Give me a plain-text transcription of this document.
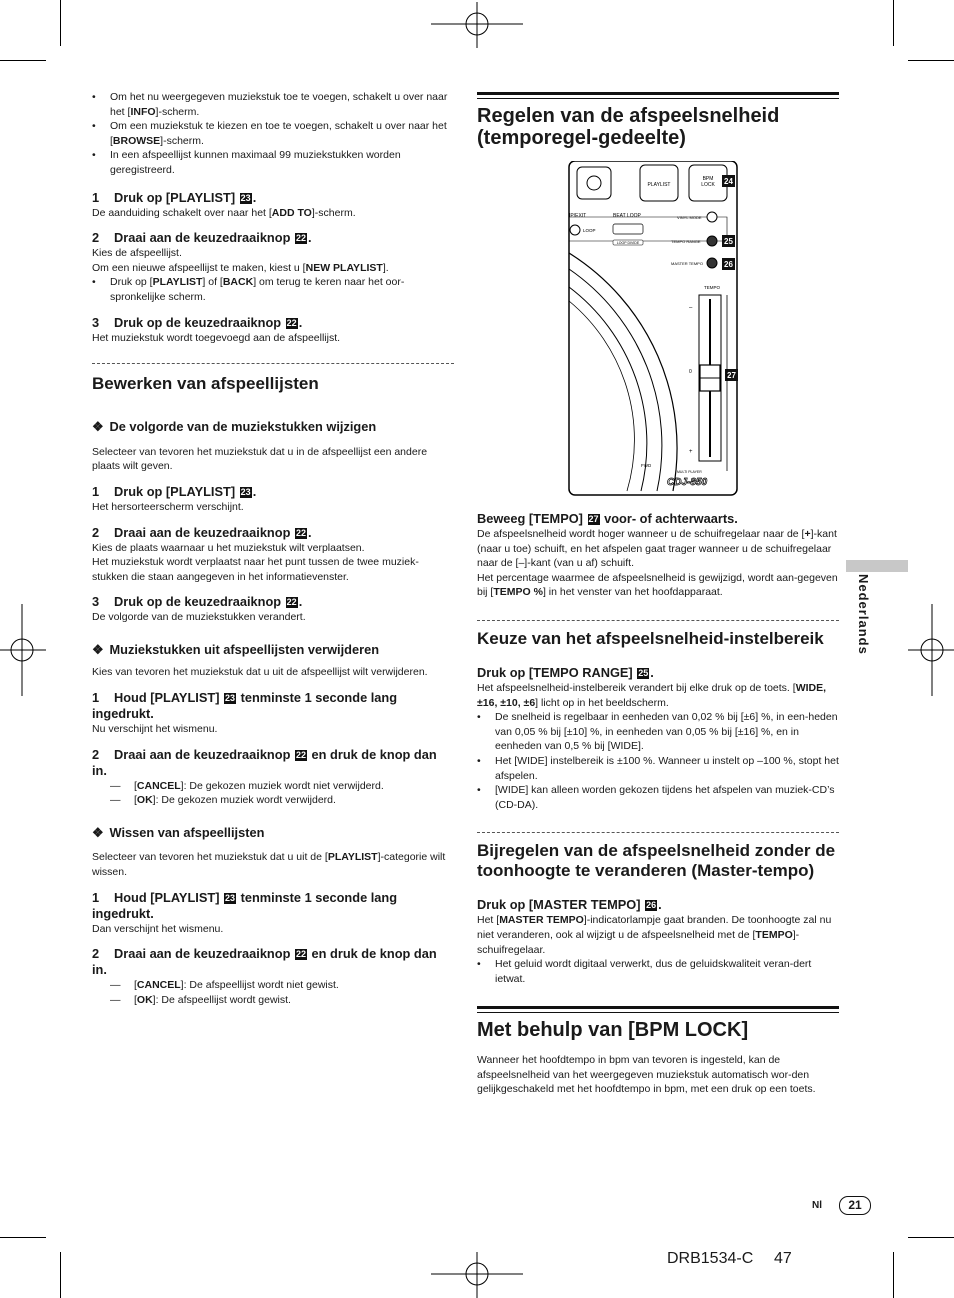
• Om het nu weergegeven muziekstuk toe te voegen, schakelt u over naar het [INFO]-scherm.

• Om een muziekstuk te kiezen en toe te voegen, schakelt u over naar het [BROWSE]-scherm.

• In een afspeellijst kunnen maximaal 99 muziekstukken worden geregistreerd.

1 Druk op [PLAYLIST] 23 .

De aanduiding schakelt over naar het [ADD TO]-scherm.

2 Draai aan de keuzedraaiknop 22 .

Kies de afspeellijst.

Om een nieuwe afspeellijst te maken, kiest u [NEW PLAYLIST].

• Druk op [PLAYLIST] of [BACK] om terug te keren naar het oor-spronkelijke scherm.

3 Druk op de keuzedraaiknop 22 .

Het muziekstuk wordt toegevoegd aan de afspeellijst.

Bewerken van afspeellijsten

❖ De volgorde van de muziekstukken wijzigen

Selecteer van tevoren het muziekstuk dat u in de afspeellijst een andere plaats wilt geven.

1 Druk op [PLAYLIST] 23 .

Het hersorteerscherm verschijnt.

2 Draai aan de keuzedraaiknop 22 .

Kies de plaats waarnaar u het muziekstuk wilt verplaatsen.

Het muziekstuk wordt verplaatst naar het punt tussen de twee muziek-stukken die staan aangegeven in het informatievenster.

3 Druk op de keuzedraaiknop 22 .

De volgorde van de muziekstukken verandert.

❖ Muziekstukken uit afspeellijsten verwijderen

Kies van tevoren het muziekstuk dat u uit de afspeellijst wilt verwijderen.

1 Houd [PLAYLIST] 23 tenminste 1 seconde lang ingedrukt.

Nu verschijnt het wismenu.

2 Draai aan de keuzedraaiknop 22 en druk de knop dan in.

— [CANCEL]: De gekozen muziek wordt niet verwijderd.

— [OK]: De gekozen muziek wordt verwijderd.

❖ Wissen van afspeellijsten

Selecteer van tevoren het muziekstuk dat u uit de [PLAYLIST]-categorie wilt wissen.

1 Houd [PLAYLIST] 23 tenminste 1 seconde lang ingedrukt.

Dan verschijnt het wismenu.

2 Draai aan de keuzedraaiknop 22 en druk de knop dan in.

— [CANCEL]: De afspeellijst wordt niet gewist.

— [OK]: De afspeellijst wordt gewist.

Regelen van de afspeelsnelheid (temporegel-gedeelte)

PLAYLIST
BPM
LOCK
IP/EXIT	BEAT LOOP
LOOP
LOOP DIVIDE
VINYL MODE
TEMPO RANGE
MASTER TEMPO
24
25
26
27
TEMPO
0
–
+
FWD
MULTI PLAYER
CDJ-850

Beweeg [TEMPO] 27 voor- of achterwaarts.

De afspeelsnelheid wordt hoger wanneer u de schuifregelaar naar de [+]-kant (naar u toe) schuift, en het afspelen gaat trager wanneer u de schuifregelaar naar de [–]-kant (van u af) schuift.

Het percentage waarmee de afspeelsnelheid is gewijzigd, wordt aan-gegeven bij [TEMPO %] in het venster van het hoofdapparaat.

Keuze van het afspeelsnelheid-instelbereik

Druk op [TEMPO RANGE] 25 .

Het afspeelsnelheid-instelbereik verandert bij elke druk op de toets. [WIDE, ±16, ±10, ±6] licht op in het beeldscherm.

• De snelheid is regelbaar in eenheden van 0,02 % bij [±6] %, in een-heden van 0,05 % bij [±10] %, in eenheden van 0,05 % bij [±16] %, en in eenheden van 0,5 % bij [WIDE].

• Het [WIDE] instelbereik is ±100 %. Wanneer u instelt op –100 %, stopt het afspelen.

• [WIDE] kan alleen worden gekozen tijdens het afspelen van muziek-CD’s (CD-DA).

Bijregelen van de afspeelsnelheid zonder de toonhoogte te veranderen (Master-tempo)

Druk op [MASTER TEMPO] 26 .

Het [MASTER TEMPO]-indicatorlampje gaat branden. De toonhoogte zal nu niet veranderen, ook al wijzigt u de afspeelsnelheid met de [TEMPO]-schuifregelaar.

• Het geluid wordt digitaal verwerkt, dus de geluidskwaliteit veran-dert ietwat.

Met behulp van [BPM LOCK]

Wanneer het hoofdtempo in bpm van tevoren is ingesteld, kan de afspeelsnelheid van het weergegeven muziekstuk automatisch wor-den gelijkgeschakeld met het hoofdtempo in bpm, met een druk op een toets.

Nederlands
Nl	21
DRB1534-C 47
